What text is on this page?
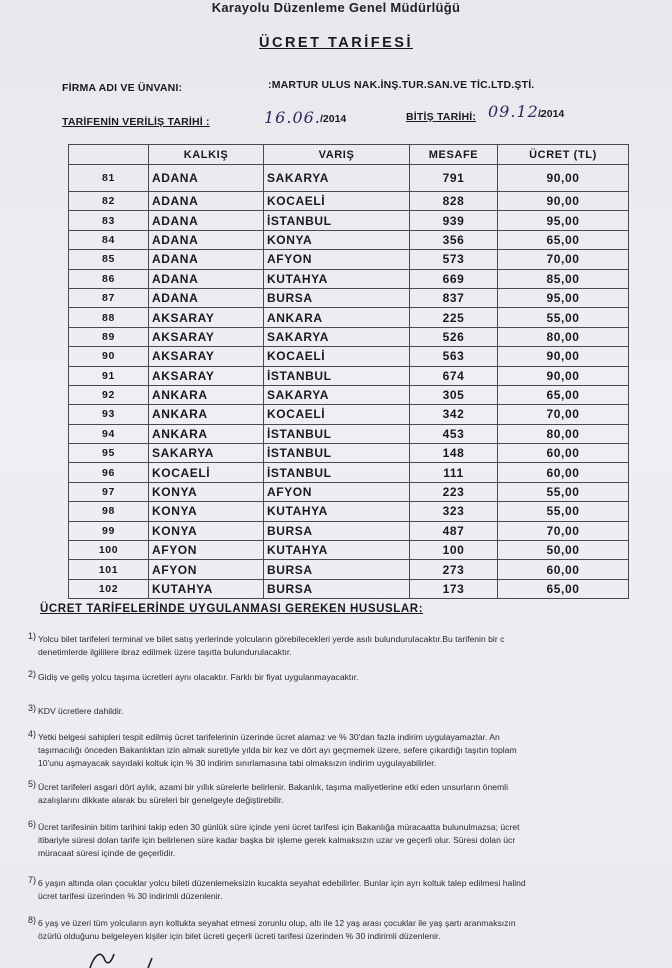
Karayolu Düzenleme Genel Müdürlüğü
ÜCRET TARİFESİ
FİRMA ADI VE ÜNVANI:	:MARTUR ULUS NAK.İNŞ.TUR.SAN.VE TİC.LTD.ŞTİ.
TARİFENİN VERİLİŞ TARİHİ :	16.06. /2014	BİTİŞ TARİHİ: 09.12.
/2014
	KALKIŞ	VARIŞ	MESAFE	ÜCRET (TL)
81	ADANA	SAKARYA	791	90,00
82	ADANA	KOCAELİ	828	90,00
83	ADANA	İSTANBUL	939	95,00
84	ADANA	KONYA	356	65,00
85	ADANA	AFYON	573	70,00
86	ADANA	KUTAHYA	669	85,00
87	ADANA	BURSA	837	95,00
88	AKSARAY	ANKARA	225	55,00
89	AKSARAY	SAKARYA	526	80,00
90	AKSARAY	KOCAELİ	563	90,00
91	AKSARAY	İSTANBUL	674	90,00
92	ANKARA	SAKARYA	305	65,00
93	ANKARA	KOCAELİ	342	70,00
94	ANKARA	İSTANBUL	453	80,00
95	SAKARYA	İSTANBUL	148	60,00
96	KOCAELİ	İSTANBUL	111	60,00
97	KONYA	AFYON	223	55,00
98	KONYA	KUTAHYA	323	55,00
99	KONYA	BURSA	487	70,00
100	AFYON	KUTAHYA	100	50,00
101	AFYON	BURSA	273	60,00
102	KUTAHYA	BURSA	173	65,00
ÜCRET TARİFELERİNDE UYGULANMASI GEREKEN HUSUSLAR:
1) Yolcu bilet tarifeleri terminal ve bilet satış yerlerinde yolcuların görebilecekleri yerde asılı bulundurulacaktır.Bu tarifenin bir c
denetimlerde ilgililere ibraz edilmek üzere taşıtta bulundurulacaktır.
2) Gidiş ve geliş yolcu taşıma ücretleri aynı olacaktır. Farklı bir fiyat uygulanmayacaktır.
3) KDV ücretlere dahildir.
4) Yetki belgesi sahipleri tespit edilmiş ücret tarifelerinin üzerinde ücret alamaz ve % 30'dan fazla indirim uygulayamazlar. An
taşımacılığı önceden Bakanlıktan izin almak suretiyle yılda bir kez ve dört ayı geçmemek üzere, sefere çıkardığı taşıtın toplam
10'unu aşmayacak sayıdaki koltuk için % 30 indirim sınırlamasına tabi olmaksızın indirim uygulayabilirler.
5) Ücret tarifeleri asgari dört aylık, azami bir yıllık sürelerle belirlenir. Bakanlık, taşıma maliyetlerine etki eden unsurların önemli
azalışlarını dikkate alarak bu süreleri bir genelgeyle değiştirebilir.
6) Ücret tarifesinin bitim tarihini takip eden 30 günlük süre içinde yeni ücret tarifesi için Bakanlığa müracaatta bulunulmazsa; ücret
itibariyle süresi dolan tarife için belirlenen süre kadar başka bir işleme gerek kalmaksızın uzar ve geçerli olur. Süresi dolan ücr
müracaat süresi içinde de geçerlidir.
7) 6 yaşın altında olan çocuklar yolcu bileti düzenlemeksizin kucakta seyahat edebilirler. Bunlar için ayrı koltuk talep edilmesi halind
ücret tarifesi üzerinden % 30 indirimli düzenlenir.
8) 6 yaş ve üzeri tüm yolcuların ayrı koltukta seyahat etmesi zorunlu olup, altı ile 12 yaş arası çocuklar ile yaş şartı aranmaksızın
özürlü olduğunu belgeleyen kişiler için bilet ücreti geçerli ücreti tarifesi üzerinden % 30 indirimli düzenlenir.
